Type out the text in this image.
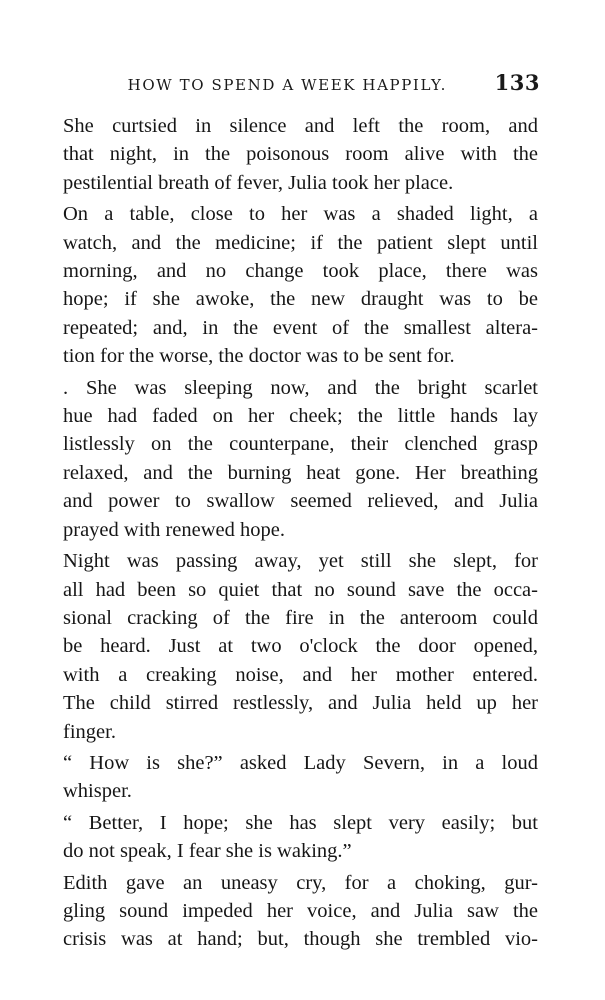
HOW TO SPEND A WEEK HAPPILY.	133
She curtsied in silence and left the room, and
that night, in the poisonous room alive with the
pestilential breath of fever, Julia took her place.
On a table, close to her was a shaded light, a
watch, and the medicine; if the patient slept until
morning, and no change took place, there was
hope; if she awoke, the new draught was to be
repeated; and, in the event of the smallest altera-
tion for the worse, the doctor was to be sent for.
. She was sleeping now, and the bright scarlet
hue had faded on her cheek; the little hands lay
listlessly on the counterpane, their clenched grasp
relaxed, and the burning heat gone. Her breathing
and power to swallow seemed relieved, and Julia
prayed with renewed hope.
Night was passing away, yet still she slept, for
all had been so quiet that no sound save the occa-
sional cracking of the fire in the anteroom could
be heard. Just at two o'clock the door opened,
with a creaking noise, and her mother entered.
The child stirred restlessly, and Julia held up her
finger.
“ How is she?” asked Lady Severn, in a loud
whisper.
“ Better, I hope; she has slept very easily; but
do not speak, I fear she is waking.”
Edith gave an uneasy cry, for a choking, gur-
gling sound impeded her voice, and Julia saw the
crisis was at hand; but, though she trembled vio-
